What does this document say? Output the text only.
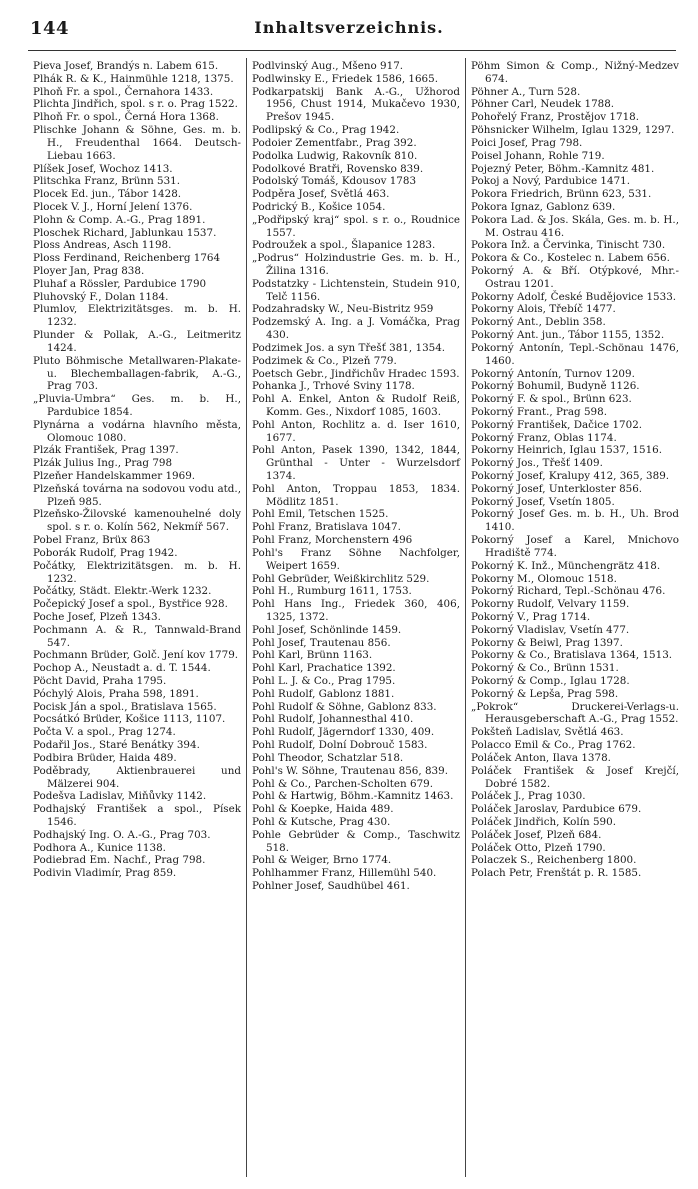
144	Inhaltsverzeichnis.

Pieva Josef, Brandýs n. Labem 615.

Plhák R. & K., Hainmühle 1218, 1375.

Plhoň Fr. a spol., Černahora 1433.

Plichta Jindřich, spol. s r. o. Prag 1522.

Plhoň Fr. o spol., Černá Hora 1368.

Plischke Johann & Söhne, Ges. m. b. H., Freudenthal 1664. Deutsch-Liebau 1663.

Plíšek Josef, Wochoz 1413.

Plitschka Franz, Brünn 531.

Plocek Ed. jun., Tábor 1428.

Plocek V. J., Horní Jelení 1376.

Plohn & Comp. A.-G., Prag 1891.

Ploschek Richard, Jablunkau 1537.

Ploss Andreas, Asch 1198.

Ploss Ferdinand, Reichenberg 1764

Ployer Jan, Prag 838.

Pluhaf a Rössler, Pardubice 1790

Pluhovský F., Dolan 1184.

Plumlov, Elektrizitätsges. m. b. H. 1232.

Plunder & Pollak, A.-G., Leitmeritz 1424.

Pluto Böhmische Metallwaren-Plakate- u. Blechemballagen-fabrik, A.-G., Prag 703.

„Pluvia-Umbra“ Ges. m. b. H., Pardubice 1854.

Plynárna a vodárna hlavního města, Olomouc 1080.

Plzák František, Prag 1397.

Plzák Julius Ing., Prag 798

Plzeňer Handelskammer 1969.

Plzeňská továrna na sodovou vodu atd., Plzeň 985.

Plzeňsko-Žilovské kamenouhelné doly spol. s r. o. Kolín 562, Nekmíř 567.

Pobel Franz, Brüx 863

Poborák Rudolf, Prag 1942.

Počátky, Elektrizitätsgen. m. b. H. 1232.

Počátky, Städt. Elektr.-Werk 1232.

Počepický Josef a spol., Bystřice 928.

Poche Josef, Plzeň 1343.

Pochmann A. & R., Tannwald-Brand 547.

Pochmann Brüder, Golč. Jení kov 1779.

Pochop A., Neustadt a. d. T. 1544.

Pöcht David, Praha 1795.

Póchylý Alois, Praha 598, 1891.

Pocisk Ján a spol., Bratislava 1565.

Pocsátkó Brüder, Košice 1113, 1107.

Počta V. a spol., Prag 1274.

Podařil Jos., Staré Benátky 394.

Podbira Brüder, Haida 489.

Poděbrady, Aktienbrauerei und Mälzerei 904.

Podešva Ladislav, Miňůvky 1142.

Podhajský František a spol., Písek 1546.

Podhajský Ing. O. A.-G., Prag 703.

Podhora A., Kunice 1138.

Podiebrad Em. Nachf., Prag 798.

Podivin Vladimír, Prag 859.

Podlvinský Aug., Mšeno 917.

Podlwinsky E., Friedek 1586, 1665.

Podkarpatskij Bank A.-G., Užhorod 1956, Chust 1914, Mukačevo 1930, Prešov 1945.

Podlipský & Co., Prag 1942.

Podoier Zementfabr., Prag 392.

Podolka Ludwig, Rakovník 810.

Podolkové Bratři, Rovensko 839.

Podolský Tomáš, Kdousov 1783

Podpěra Josef, Světlá 463.

Podrický B., Košice 1054.

„Podřipský kraj“ spol. s r. o., Roudnice 1557.

Podroužek a spol., Šlapanice 1283.

„Podrus“ Holzindustrie Ges. m. b. H., Žilina 1316.

Podstatzky - Lichtenstein, Studein 910, Telč 1156.

Podzahradsky W., Neu-Bistritz 959

Podzemský A. Ing. a J. Vomáčka, Prag 430.

Podzimek Jos. a syn Třešť 381, 1354.

Podzimek & Co., Plzeň 779.

Poetsch Gebr., Jindřichův Hradec 1593.

Pohanka J., Trhové Sviny 1178.

Pohl A. Enkel, Anton & Rudolf Reiß, Komm. Ges., Nixdorf 1085, 1603.

Pohl Anton, Rochlitz a. d. Iser 1610, 1677.

Pohl Anton, Pasek 1390, 1342, 1844, Grünthal - Unter - Wurzelsdorf 1374.

Pohl Anton, Troppau 1853, 1834. Mödlitz 1851.

Pohl Emil, Tetschen 1525.

Pohl Franz, Bratislava 1047.

Pohl Franz, Morchenstern 496

Pohl's Franz Söhne Nachfolger, Weipert 1659.

Pohl Gebrüder, Weißkirchlitz 529.

Pohl H., Rumburg 1611, 1753.

Pohl Hans Ing., Friedek 360, 406, 1325, 1372.

Pohl Josef, Schönlinde 1459.

Pohl Josef, Trautenau 856.

Pohl Karl, Brünn 1163.

Pohl Karl, Prachatice 1392.

Pohl L. J. & Co., Prag 1795.

Pohl Rudolf, Gablonz 1881.

Pohl Rudolf & Söhne, Gablonz 833.

Pohl Rudolf, Johannesthal 410.

Pohl Rudolf, Jägerndorf 1330, 409.

Pohl Rudolf, Dolní Dobrouč 1583.

Pohl Theodor, Schatzlar 518.

Pohl's W. Söhne, Trautenau 856, 839.

Pohl & Co., Parchen-Scholten 679.

Pohl & Hartwig, Böhm.-Kamnitz 1463.

Pohl & Koepke, Haida 489.

Pohl & Kutsche, Prag 430.

Pohle Gebrüder & Comp., Taschwitz 518.

Pohl & Weiger, Brno 1774.

Pohlhammer Franz, Hillemühl 540.

Pohlner Josef, Saudhübel 461.

Pöhm Simon & Comp., Nižný-Medzev 674.

Pöhner A., Turn 528.

Pöhner Carl, Neudek 1788.

Pohořelý Franz, Prostějov 1718.

Pöhsnicker Wilhelm, Iglau 1329, 1297.

Poici Josef, Prag 798.

Poisel Johann, Rohle 719.

Pojezný Peter, Böhm.-Kamnitz 481.

Pokoj a Nový, Pardubice 1471.

Pokora Friedrich, Brünn 623, 531.

Pokora Ignaz, Gablonz 639.

Pokora Lad. & Jos. Skála, Ges. m. b. H., M. Ostrau 416.

Pokora Inž. a Červinka, Tinischt 730.

Pokora & Co., Kostelec n. Labem 656.

Pokorný A. & Bří. Otýpkové, Mhr.-Ostrau 1201.

Pokorny Adolf, České Budějovice 1533.

Pokorny Alois, Třebíč 1477.

Pokorný Ant., Deblin 358.

Pokorný Ant. jun., Tábor 1155, 1352.

Pokorný Antonín, Tepl.-Schönau 1476, 1460.

Pokorný Antonín, Turnov 1209.

Pokorný Bohumil, Budyně 1126.

Pokorný F. & spol., Brünn 623.

Pokorný Frant., Prag 598.

Pokorný František, Dačice 1702.

Pokorný Franz, Oblas 1174.

Pokorny Heinrich, Iglau 1537, 1516.

Pokorný Jos., Třešť 1409.

Pokorný Josef, Kralupy 412, 365, 389.

Pokorný Josef, Unterkloster 856.

Pokorný Josef, Vsetín 1805.

Pokorný Josef Ges. m. b. H., Uh. Brod 1410.

Pokorný Josef a Karel, Mnichovo Hradiště 774.

Pokorný K. Inž., Münchengrätz 418.

Pokorny M., Olomouc 1518.

Pokorný Richard, Tepl.-Schönau 476.

Pokorny Rudolf, Velvary 1159.

Pokorný V., Prag 1714.

Pokorný Vladislav, Vsetín 477.

Pokorny & Beiwl, Prag 1397.

Pokorny & Co., Bratislava 1364, 1513.

Pokorný & Co., Brünn 1531.

Pokorný & Comp., Iglau 1728.

Pokorný & Lepša, Prag 598.

„Pokrok“ Druckerei-Verlags-u. Herausgeberschaft A.-G., Prag 1552.

Pokšteň Ladislav, Světlá 463.

Polacco Emil & Co., Prag 1762.

Poláček Anton, Ilava 1378.

Poláček František & Josef Krejčí, Dobré 1582.

Poláček J., Prag 1030.

Poláček Jaroslav, Pardubice 679.

Poláček Jindřich, Kolín 590.

Poláček Josef, Plzeň 684.

Poláček Otto, Plzeň 1790.

Polaczek S., Reichenberg 1800.

Polach Petr, Frenštát p. R. 1585.
